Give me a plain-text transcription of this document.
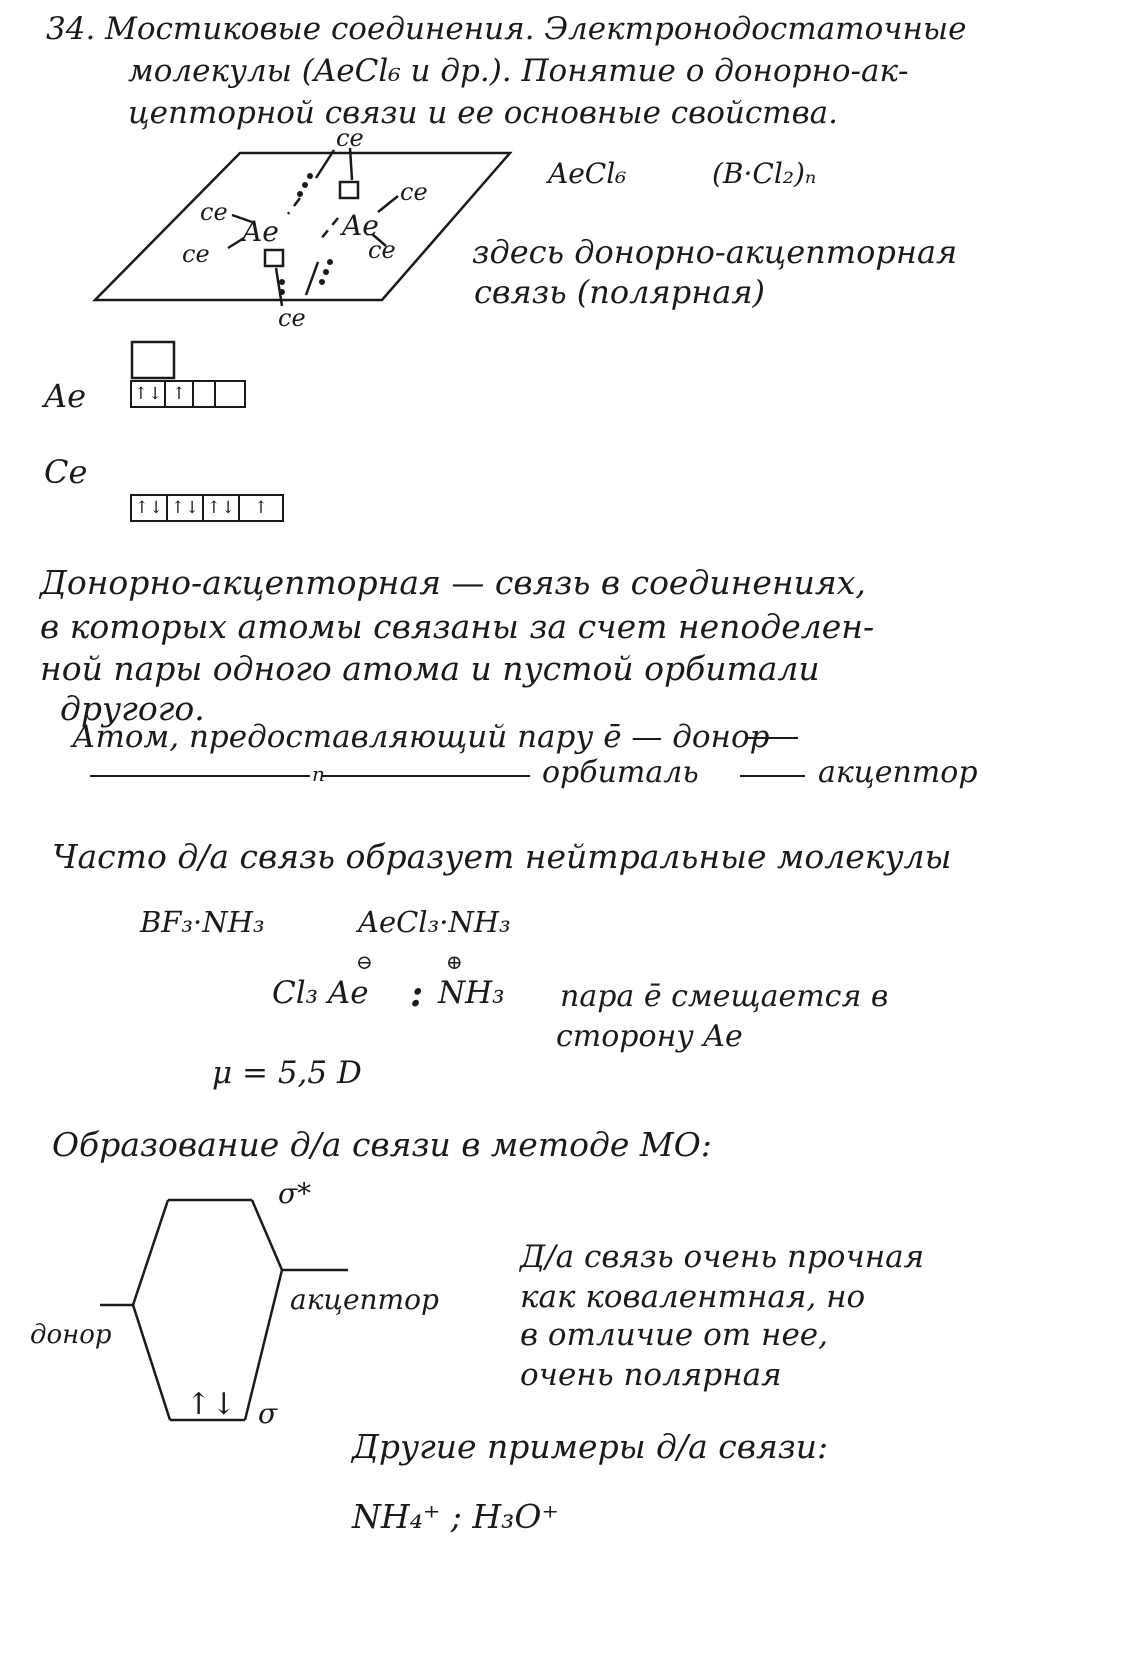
34. Мостиковые соединения. Электронодостаточные
молекулы (AeCl₆ и др.). Понятие о донорно-ак-
цепторной связи и ее основные свойства.
ce
ce
ce
Ae Ae
ce
ce
ce
AeCl₆	(B·Cl₂)ₙ
здесь донорно-акцепторная
связь (полярная)
Ae	↑↓ ↑
Ce
↑↓ ↑↓ ↑↓	↑
Донорно-акцепторная — связь в соединениях,
в которых атомы связаны за счет неподелен-
ной пары одного атома и пустой орбитали
другого.
Атом, предоставляющий пару ē — донор
n	орбиталь	акцептор
Часто д/а связь образует нейтральные молекулы
BF₃·NH₃	AeCl₃·NH₃
⊖	⊕
Cl₃ Ae : NH₃ пара ē смещается в
сторону Ae
μ = 5,5 D
Образование д/а связи в методе МО:
σ*
акцептор
донор
↑↓ σ
Д/а связь очень прочная
как ковалентная, но
в отличие от нее,
очень полярная
Другие примеры д/а связи:
NH₄⁺ ; H₃O⁺
